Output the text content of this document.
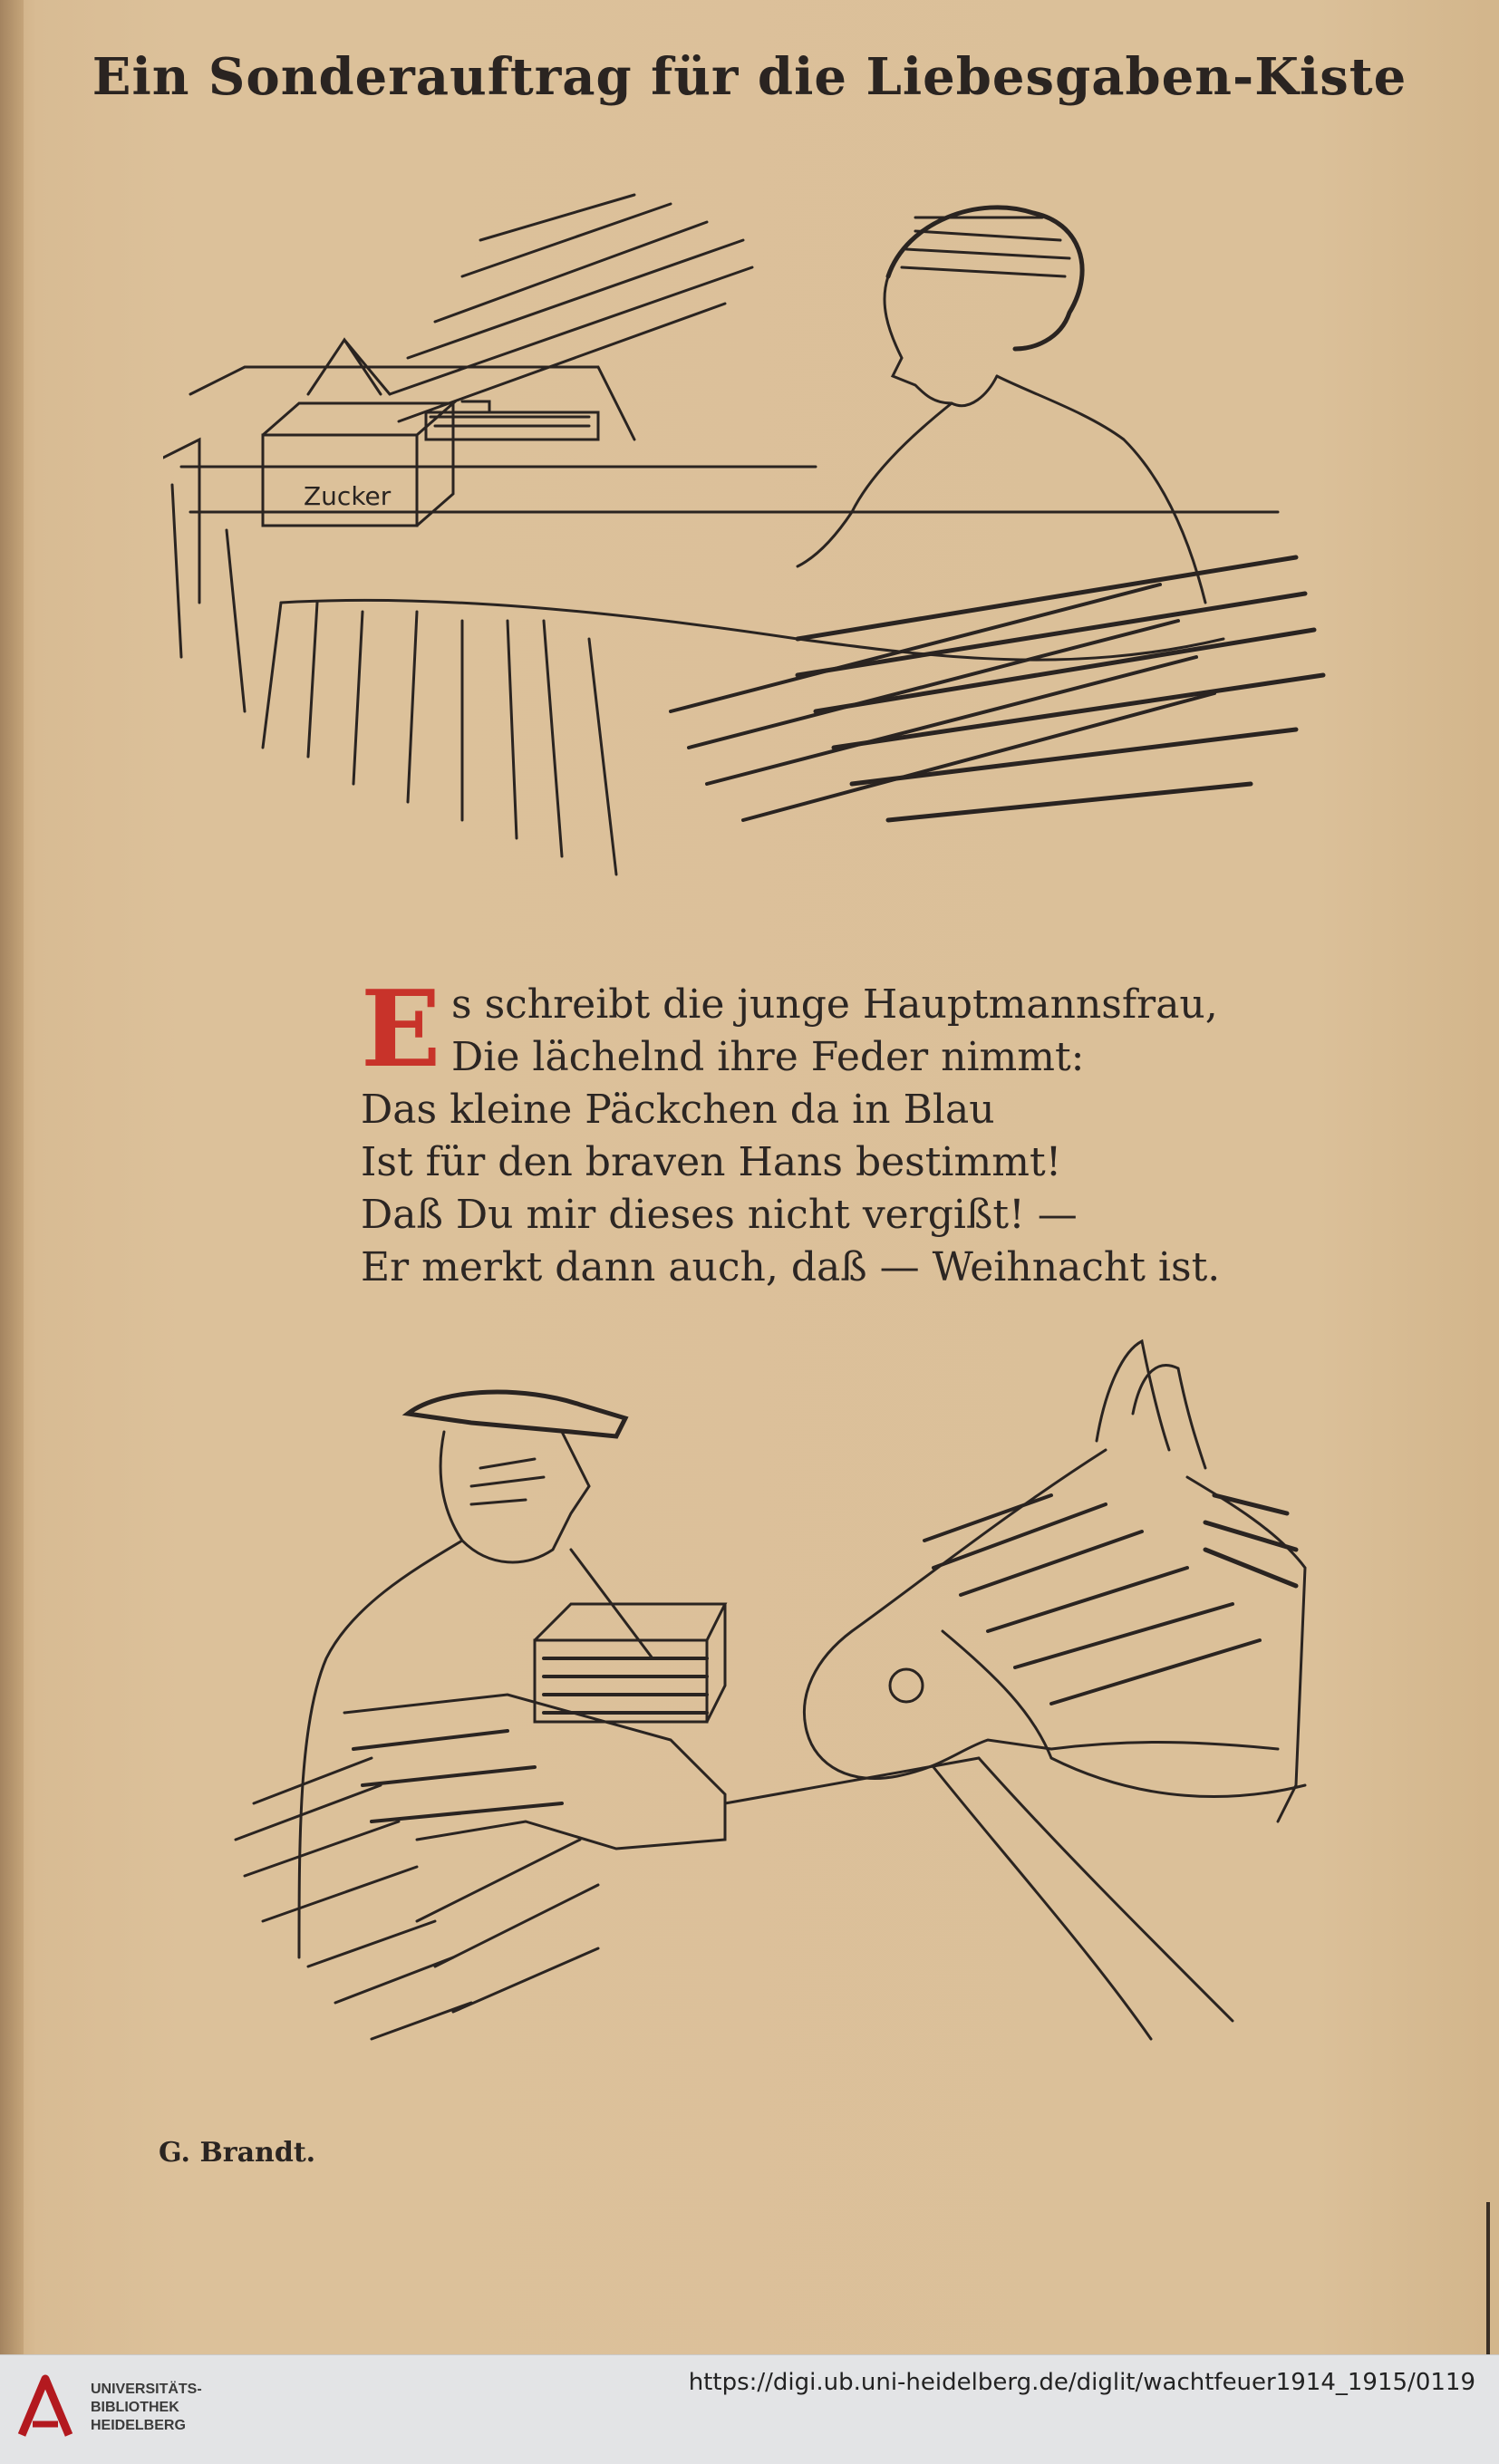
Ein Sonderauftrag für die Liebesgaben-Kiste
Zucker
E s schreibt die junge Hauptmannsfrau,
Die lächelnd ihre Feder nimmt:
Das kleine Päckchen da in Blau
Ist für den braven Hans bestimmt!
Daß Du mir dieses nicht vergißt! —
Er merkt dann auch, daß — Weihnacht ist.
G. Brandt.
UNIVERSITÄTS-
BIBLIOTHEK
HEIDELBERG
https://digi.ub.uni-heidelberg.de/diglit/wachtfeuer1914_1915/0119
